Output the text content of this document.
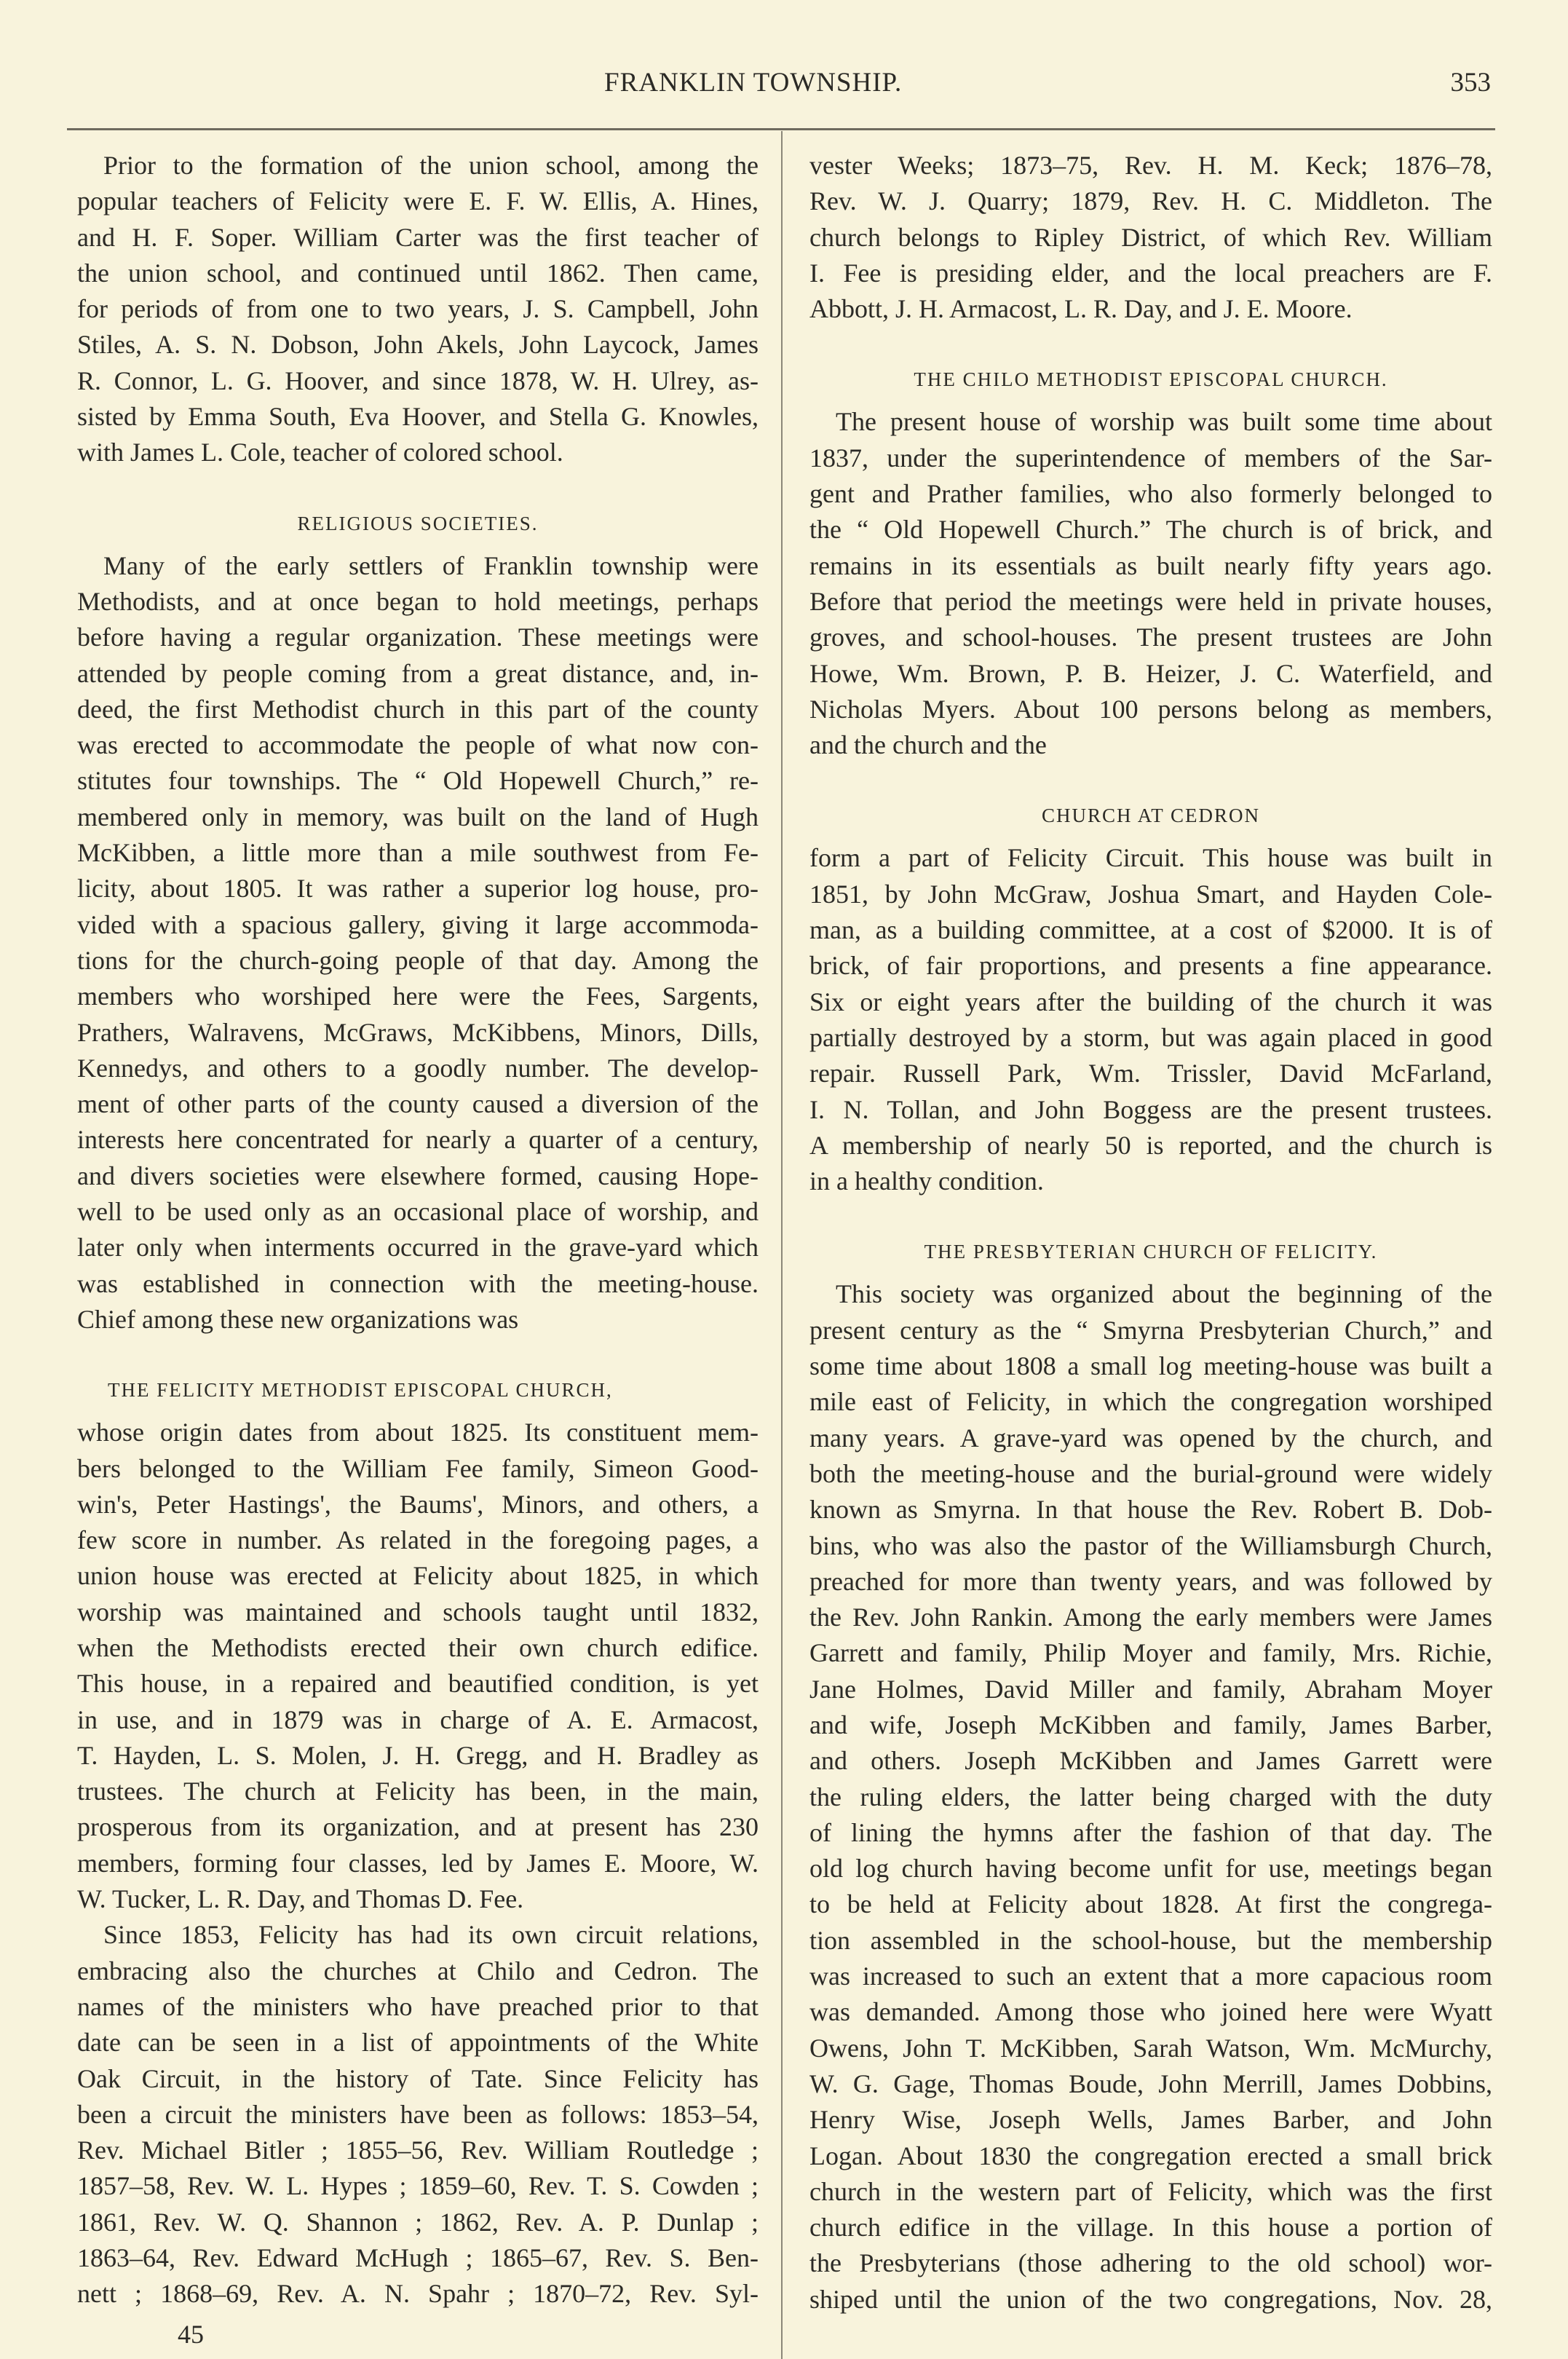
FRANKLIN TOWNSHIP.	353
Prior to the formation of the union school, among the
popular teachers of Felicity were E. F. W. Ellis, A. Hines,
and H. F. Soper. William Carter was the first teacher of
the union school, and continued until 1862. Then came,
for periods of from one to two years, J. S. Campbell, John
Stiles, A. S. N. Dobson, John Akels, John Laycock, James
R. Connor, L. G. Hoover, and since 1878, W. H. Ulrey, as-
sisted by Emma South, Eva Hoover, and Stella G. Knowles,
with James L. Cole, teacher of colored school.
RELIGIOUS SOCIETIES.
Many of the early settlers of Franklin township were
Methodists, and at once began to hold meetings, perhaps
before having a regular organization. These meetings were
attended by people coming from a great distance, and, in-
deed, the first Methodist church in this part of the county
was erected to accommodate the people of what now con-
stitutes four townships. The “ Old Hopewell Church,” re-
membered only in memory, was built on the land of Hugh
McKibben, a little more than a mile southwest from Fe-
licity, about 1805. It was rather a superior log house, pro-
vided with a spacious gallery, giving it large accommoda-
tions for the church-going people of that day. Among the
members who worshiped here were the Fees, Sargents,
Prathers, Walravens, McGraws, McKibbens, Minors, Dills,
Kennedys, and others to a goodly number. The develop-
ment of other parts of the county caused a diversion of the
interests here concentrated for nearly a quarter of a century,
and divers societies were elsewhere formed, causing Hope-
well to be used only as an occasional place of worship, and
later only when interments occurred in the grave-yard which
was established in connection with the meeting-house.
Chief among these new organizations was
THE FELICITY METHODIST EPISCOPAL CHURCH,
whose origin dates from about 1825. Its constituent mem-
bers belonged to the William Fee family, Simeon Good-
win's, Peter Hastings', the Baums', Minors, and others, a
few score in number. As related in the foregoing pages, a
union house was erected at Felicity about 1825, in which
worship was maintained and schools taught until 1832,
when the Methodists erected their own church edifice.
This house, in a repaired and beautified condition, is yet
in use, and in 1879 was in charge of A. E. Armacost,
T. Hayden, L. S. Molen, J. H. Gregg, and H. Bradley as
trustees. The church at Felicity has been, in the main,
prosperous from its organization, and at present has 230
members, forming four classes, led by James E. Moore, W.
W. Tucker, L. R. Day, and Thomas D. Fee.
Since 1853, Felicity has had its own circuit relations,
embracing also the churches at Chilo and Cedron. The
names of the ministers who have preached prior to that
date can be seen in a list of appointments of the White
Oak Circuit, in the history of Tate. Since Felicity has
been a circuit the ministers have been as follows: 1853–54,
Rev. Michael Bitler ; 1855–56, Rev. William Routledge ;
1857–58, Rev. W. L. Hypes ; 1859–60, Rev. T. S. Cowden ;
1861, Rev. W. Q. Shannon ; 1862, Rev. A. P. Dunlap ;
1863–64, Rev. Edward McHugh ; 1865–67, Rev. S. Ben-
nett ; 1868–69, Rev. A. N. Spahr ; 1870–72, Rev. Syl-
vester Weeks; 1873–75, Rev. H. M. Keck; 1876–78,
Rev. W. J. Quarry; 1879, Rev. H. C. Middleton. The
church belongs to Ripley District, of which Rev. William
I. Fee is presiding elder, and the local preachers are F.
Abbott, J. H. Armacost, L. R. Day, and J. E. Moore.
THE CHILO METHODIST EPISCOPAL CHURCH.
The present house of worship was built some time about
1837, under the superintendence of members of the Sar-
gent and Prather families, who also formerly belonged to
the “ Old Hopewell Church.” The church is of brick, and
remains in its essentials as built nearly fifty years ago.
Before that period the meetings were held in private houses,
groves, and school-houses. The present trustees are John
Howe, Wm. Brown, P. B. Heizer, J. C. Waterfield, and
Nicholas Myers. About 100 persons belong as members,
and the church and the
CHURCH AT CEDRON
form a part of Felicity Circuit. This house was built in
1851, by John McGraw, Joshua Smart, and Hayden Cole-
man, as a building committee, at a cost of $2000. It is of
brick, of fair proportions, and presents a fine appearance.
Six or eight years after the building of the church it was
partially destroyed by a storm, but was again placed in good
repair. Russell Park, Wm. Trissler, David McFarland,
I. N. Tollan, and John Boggess are the present trustees.
A membership of nearly 50 is reported, and the church is
in a healthy condition.
THE PRESBYTERIAN CHURCH OF FELICITY.
This society was organized about the beginning of the
present century as the “ Smyrna Presbyterian Church,” and
some time about 1808 a small log meeting-house was built a
mile east of Felicity, in which the congregation worshiped
many years. A grave-yard was opened by the church, and
both the meeting-house and the burial-ground were widely
known as Smyrna. In that house the Rev. Robert B. Dob-
bins, who was also the pastor of the Williamsburgh Church,
preached for more than twenty years, and was followed by
the Rev. John Rankin. Among the early members were James
Garrett and family, Philip Moyer and family, Mrs. Richie,
Jane Holmes, David Miller and family, Abraham Moyer
and wife, Joseph McKibben and family, James Barber,
and others. Joseph McKibben and James Garrett were
the ruling elders, the latter being charged with the duty
of lining the hymns after the fashion of that day. The
old log church having become unfit for use, meetings began
to be held at Felicity about 1828. At first the congrega-
tion assembled in the school-house, but the membership
was increased to such an extent that a more capacious room
was demanded. Among those who joined here were Wyatt
Owens, John T. McKibben, Sarah Watson, Wm. McMurchy,
W. G. Gage, Thomas Boude, John Merrill, James Dobbins,
Henry Wise, Joseph Wells, James Barber, and John
Logan. About 1830 the congregation erected a small brick
church in the western part of Felicity, which was the first
church edifice in the village. In this house a portion of
the Presbyterians (those adhering to the old school) wor-
shiped until the union of the two congregations, Nov. 28,
45
